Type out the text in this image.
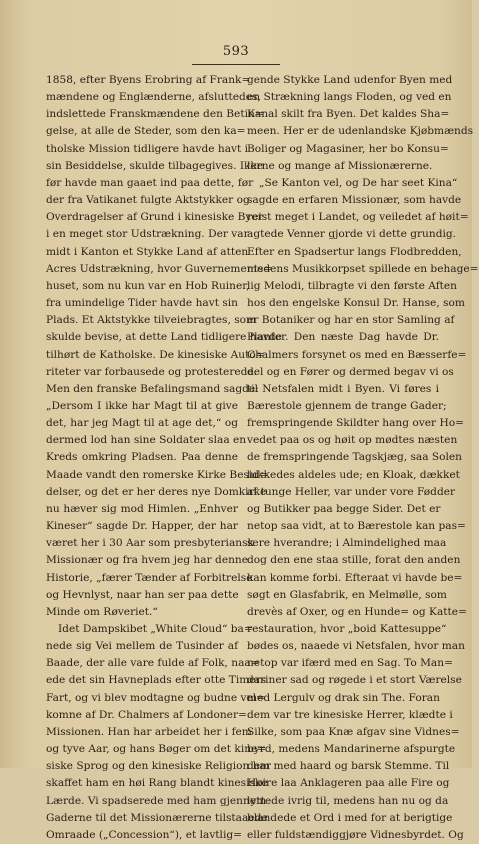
593
1858, efter Byens Erobring af Frank=
mændene og Englænderne, afsluttedes,
indslettede Franskmændene den Betin=
gelse, at alle de Steder, som den ka=
tholske Mission tidligere havde havt i
sin Besiddelse, skulde tilbagegives. Ikke
før havde man gaaet ind paa dette, før
der fra Vatikanet fulgte Aktstykker og
Overdragelser af Grund i kinesiske Byer
i en meget stor Udstrækning. Der var
midt i Kanton et Stykke Land af atten
Acres Udstrækning, hvor Guvernements=
huset, som nu kun var en Hob Ruiner,
fra umindelige Tider havde havt sin
Plads. Et Aktstykke tilveiebragtes, som
skulde bevise, at dette Land tidligere havde
tilhørt de Katholske. De kinesiske Auto=
riteter var forbausede og protesterede.
Men den franske Befalingsmand sagde:
„Dersom I ikke har Magt til at give
det, har jeg Magt til at age det,“ og
dermed lod han sine Soldater slaa en
Kreds omkring Pladsen. Paa denne
Maade vandt den romerske Kirke Besid=
delser, og det er her deres nye Domkirke
nu hæver sig mod Himlen. „Enhver
Kineser“ sagde Dr. Happer, der har
været her i 30 Aar som presbyteriansk
Missionær og fra hvem jeg har denne
Historie, „færer Tænder af Forbitrelse
og Hevnlyst, naar han ser paa dette
Minde om Røveriet.“
Idet Dampskibet „White Cloud“ ba=
nede sig Vei mellem de Tusinder af
Baade, der alle vare fulde af Folk, naa=
ede det sin Havneplads efter otte Timers
Fart, og vi blev modtagne og budne vel=
komne af Dr. Chalmers af Londoner=
Missionen. Han har arbeidet her i fem
og tyve Aar, og hans Bøger om det kine=
siske Sprog og den kinesiske Religion har
skaffet ham en høi Rang blandt kinesiske
Lærde. Vi spadserede med ham gjennem
Gaderne til det Missionærerne tilstaaede
Omraade („Concession“), et lavtlig=
gende Stykke Land udenfor Byen med
en Strækning langs Floden, og ved en
Kanal skilt fra Byen. Det kaldes Sha=
meen. Her er de udenlandske Kjøbmænds
Boliger og Magasiner, her bo Konsu=
lerne og mange af Missionærerne.
„Se Kanton vel, og De har seet Kina“
sagde en erfaren Missionær, som havde
reist meget i Landet, og veiledet af høit=
agtede Venner gjorde vi dette grundig.
Efter en Spadsertur langs Flodbredden,
medens Musikkorpset spillede en behage=
lig Melodi, tilbragte vi den første Aften
hos den engelske Konsul Dr. Hanse, som
er Botaniker og har en stor Samling af
Planter. Den næste Dag havde Dr.
Chalmers forsynet os med en Bæsserfe=
del og en Fører og dermed begav vi os
til Netsfalen midt i Byen. Vi føres i
Bærestole gjennem de trange Gader;
fremspringende Skildter hang over Ho=
vedet paa os og høit op mødtes næsten
de fremspringende Tagskjæg, saa Solen
lukkedes aldeles ude; en Kloak, dækket
af tunge Heller, var under vore Fødder
og Butikker paa begge Sider. Det er
netop saa vidt, at to Bærestole kan pas=
sere hverandre; i Almindelighed maa
dog den ene staa stille, forat den anden
kan komme forbi. Efteraat vi havde be=
søgt en Glasfabrik, en Melmølle, som
drevès af Oxer, og en Hunde= og Katte=
restauration, hvor „boid Kattesuppe“
bødes os, naaede vi Netsfalen, hvor man
netop var ifærd med en Sag. To Man=
dariner sad og røgede i et stort Værelse
med Lergulv og drak sin The. Foran
dem var tre kinesiske Herrer, klædte i
Silke, som paa Knæ afgav sine Vidnes=
byrd, medens Mandarinerne afspurgte
dem med haard og barsk Stemme. Til
Høire laa Anklageren paa alle Fire og
lyttede ivrig til, medens han nu og da
blandede et Ord i med for at berigtige
eller fuldstændiggjøre Vidnesbyrdet. Og
